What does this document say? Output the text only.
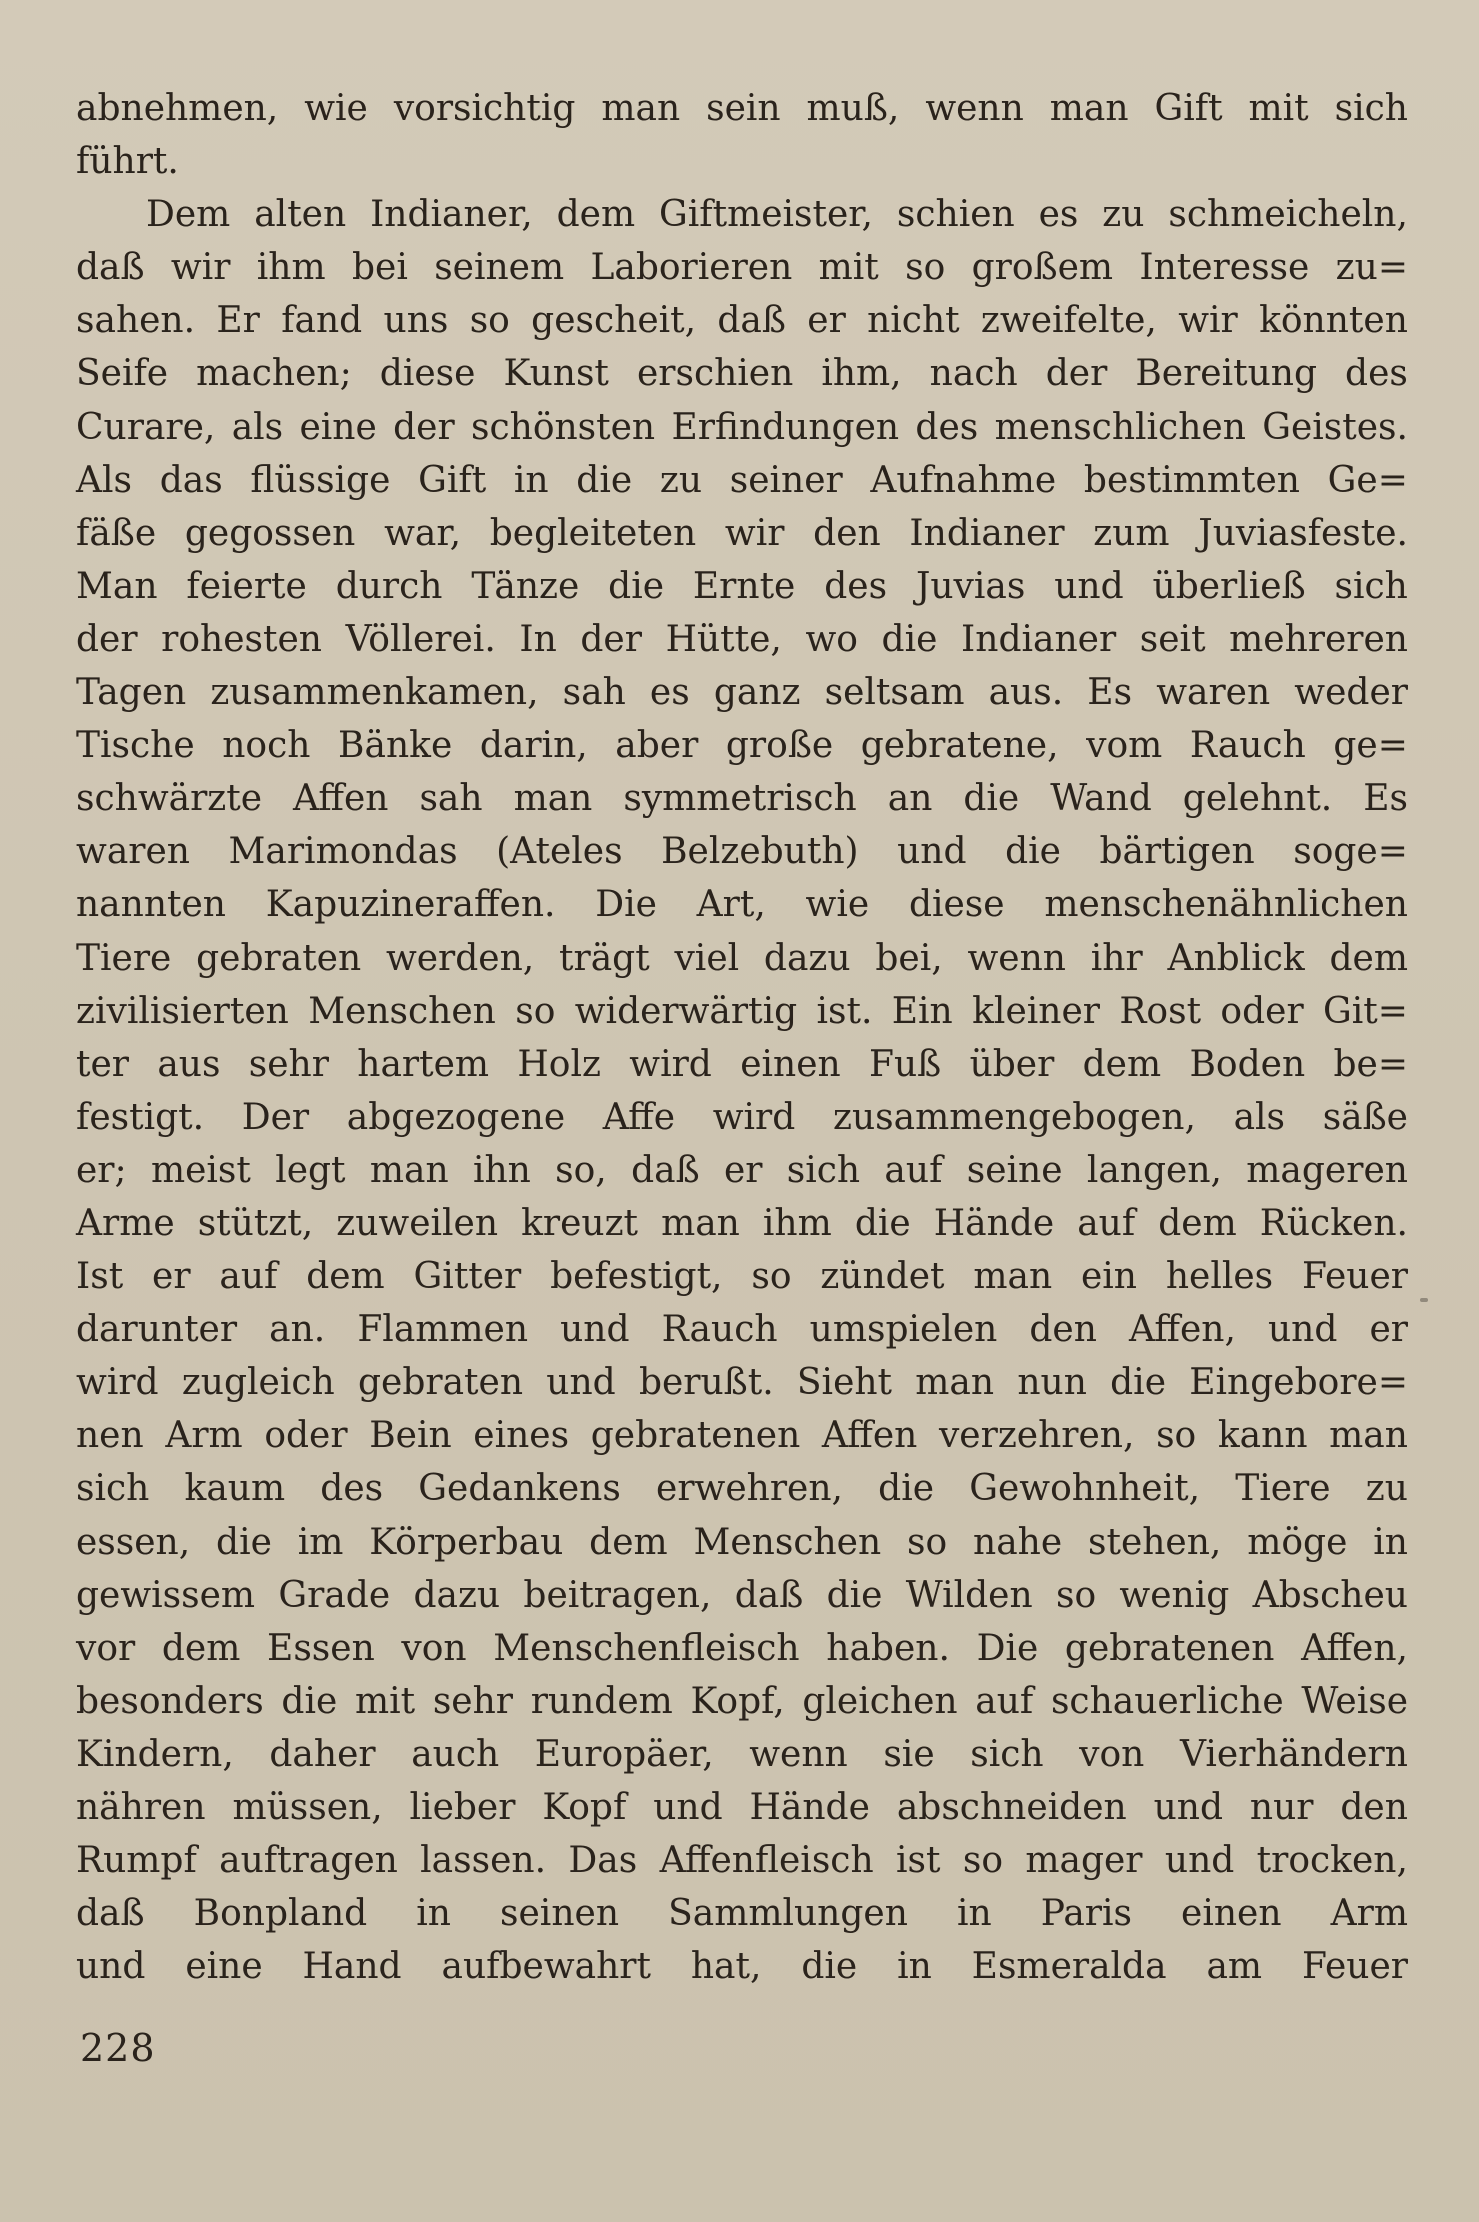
abnehmen, wie vorsichtig man sein muß, wenn man Gift mit sich
führt.
Dem alten Indianer, dem Giftmeister, schien es zu schmeicheln,
daß wir ihm bei seinem Laborieren mit so großem Interesse zu=
sahen. Er fand uns so gescheit, daß er nicht zweifelte, wir könnten
Seife machen; diese Kunst erschien ihm, nach der Bereitung des
Curare, als eine der schönsten Erfindungen des menschlichen Geistes.
Als das flüssige Gift in die zu seiner Aufnahme bestimmten Ge=
fäße gegossen war, begleiteten wir den Indianer zum Juviasfeste.
Man feierte durch Tänze die Ernte des Juvias und überließ sich
der rohesten Völlerei. In der Hütte, wo die Indianer seit mehreren
Tagen zusammenkamen, sah es ganz seltsam aus. Es waren weder
Tische noch Bänke darin, aber große gebratene, vom Rauch ge=
schwärzte Affen sah man symmetrisch an die Wand gelehnt. Es
waren Marimondas (Ateles Belzebuth) und die bärtigen soge=
nannten Kapuzineraffen. Die Art, wie diese menschenähnlichen
Tiere gebraten werden, trägt viel dazu bei, wenn ihr Anblick dem
zivilisierten Menschen so widerwärtig ist. Ein kleiner Rost oder Git=
ter aus sehr hartem Holz wird einen Fuß über dem Boden be=
festigt. Der abgezogene Affe wird zusammengebogen, als säße
er; meist legt man ihn so, daß er sich auf seine langen, mageren
Arme stützt, zuweilen kreuzt man ihm die Hände auf dem Rücken.
Ist er auf dem Gitter befestigt, so zündet man ein helles Feuer
darunter an. Flammen und Rauch umspielen den Affen, und er
wird zugleich gebraten und berußt. Sieht man nun die Eingebore=
nen Arm oder Bein eines gebratenen Affen verzehren, so kann man
sich kaum des Gedankens erwehren, die Gewohnheit, Tiere zu
essen, die im Körperbau dem Menschen so nahe stehen, möge in
gewissem Grade dazu beitragen, daß die Wilden so wenig Abscheu
vor dem Essen von Menschenfleisch haben. Die gebratenen Affen,
besonders die mit sehr rundem Kopf, gleichen auf schauerliche Weise
Kindern, daher auch Europäer, wenn sie sich von Vierhändern
nähren müssen, lieber Kopf und Hände abschneiden und nur den
Rumpf auftragen lassen. Das Affenfleisch ist so mager und trocken,
daß Bonpland in seinen Sammlungen in Paris einen Arm
und eine Hand aufbewahrt hat, die in Esmeralda am Feuer
228
